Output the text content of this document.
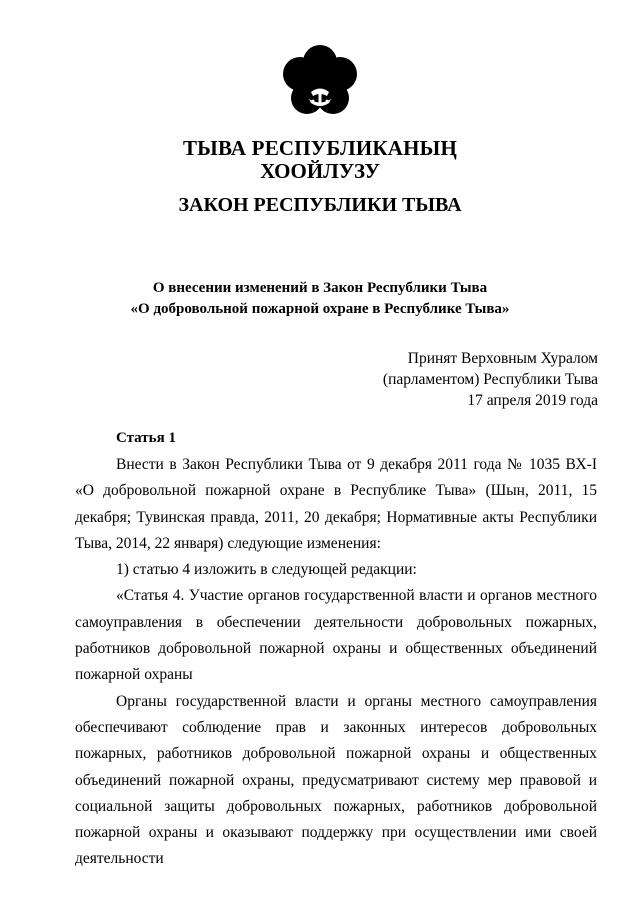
ТЫВА РЕСПУБЛИКАНЫҢ
ХООЙЛУЗУ
ЗАКОН РЕСПУБЛИКИ ТЫВА
О внесении изменений в Закон Республики Тыва
«О добровольной пожарной охране в Республике Тыва»
Принят Верховным Хуралом
(парламентом) Республики Тыва
17 апреля 2019 года
Статья 1

Внести в Закон Республики Тыва от 9 декабря 2011 года № 1035 ВХ-I «О добровольной пожарной охране в Республике Тыва» (Шын, 2011, 15 декабря; Тувинская правда, 2011, 20 декабря; Нормативные акты Республики Тыва, 2014, 22 января) следующие изменения:

1) статью 4 изложить в следующей редакции:

«Статья 4. Участие органов государственной власти и органов местного самоуправления в обеспечении деятельности добровольных пожарных, работников добровольной пожарной охраны и общественных объединений пожарной охраны

Органы государственной власти и органы местного самоуправления обеспечивают соблюдение прав и законных интересов добровольных пожарных, работников добровольной пожарной охраны и общественных объединений пожарной охраны, предусматривают систему мер правовой и социальной защиты добровольных пожарных, работников добровольной пожарной охраны и оказывают поддержку при осуществлении ими своей деятельности
